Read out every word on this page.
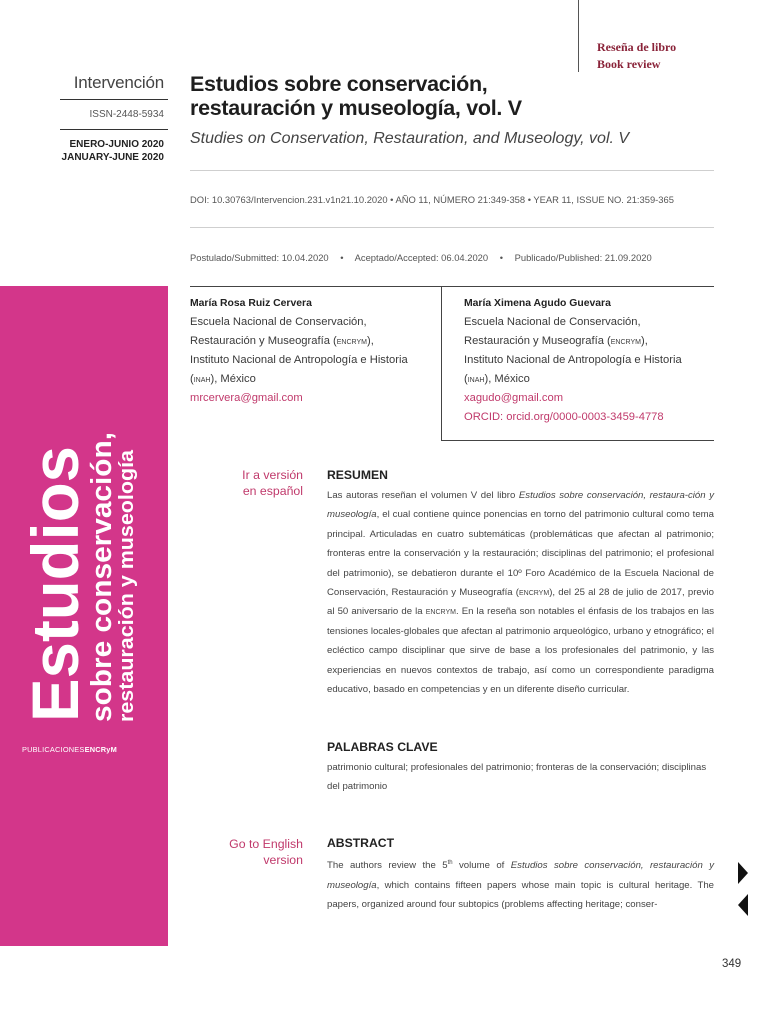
Reseña de libro
Book review
Intervención
ISSN-2448-5934
ENERO-JUNIO 2020
JANUARY-JUNE 2020
Estudios sobre conservación,
restauración y museología, vol. V
Studies on Conservation, Restauration, and Museology, vol. V
DOI: 10.30763/Intervencion.231.v1n21.10.2020 • AÑO 11, NÚMERO 21:349-358 • YEAR 11, ISSUE NO. 21:359-365
Postulado/Submitted: 10.04.2020 • Aceptado/Accepted: 06.04.2020 • Publicado/Published: 21.09.2020
Estudios
sobre conservación,
restauración y museología
PUBLICACIONESENCRyM
María Rosa Ruiz Cervera
Escuela Nacional de Conservación,
Restauración y Museografía (encrym),
Instituto Nacional de Antropología e Historia
(inah), México
mrcervera@gmail.com
María Ximena Agudo Guevara
Escuela Nacional de Conservación,
Restauración y Museografía (encrym),
Instituto Nacional de Antropología e Historia
(inah), México
xagudo@gmail.com
ORCID: orcid.org/0000-0003-3459-4778
Ir a versión
en español
Go to English
version
RESUMEN
Las autoras reseñan el volumen V del libro Estudios sobre conservación, restaura-ción y museología, el cual contiene quince ponencias en torno del patrimonio cultural como tema principal. Articuladas en cuatro subtemáticas (problemáticas que afectan al patrimonio; fronteras entre la conservación y la restauración; disciplinas del patrimonio; el profesional del patrimonio), se debatieron durante el 10º Foro Académico de la Escuela Nacional de Conservación, Restauración y Museografía (encrym), del 25 al 28 de julio de 2017, previo al 50 aniversario de la encrym. En la reseña son notables el énfasis de los trabajos en las tensiones locales-globales que afectan al patrimonio arqueológico, urbano y etnográfico; el ecléctico campo disciplinar que sirve de base a los profesionales del patrimonio, y las experiencias en nuevos contextos de trabajo, así como un correspondiente paradigma educativo, basado en competencias y en un diferente diseño curricular.
PALABRAS CLAVE
patrimonio cultural; profesionales del patrimonio; fronteras de la conservación; disciplinas del patrimonio
ABSTRACT
The authors review the 5th volume of Estudios sobre conservación, restauración y museología, which contains fifteen papers whose main topic is cultural heritage. The papers, organized around four subtopics (problems affecting heritage; conser-
349
